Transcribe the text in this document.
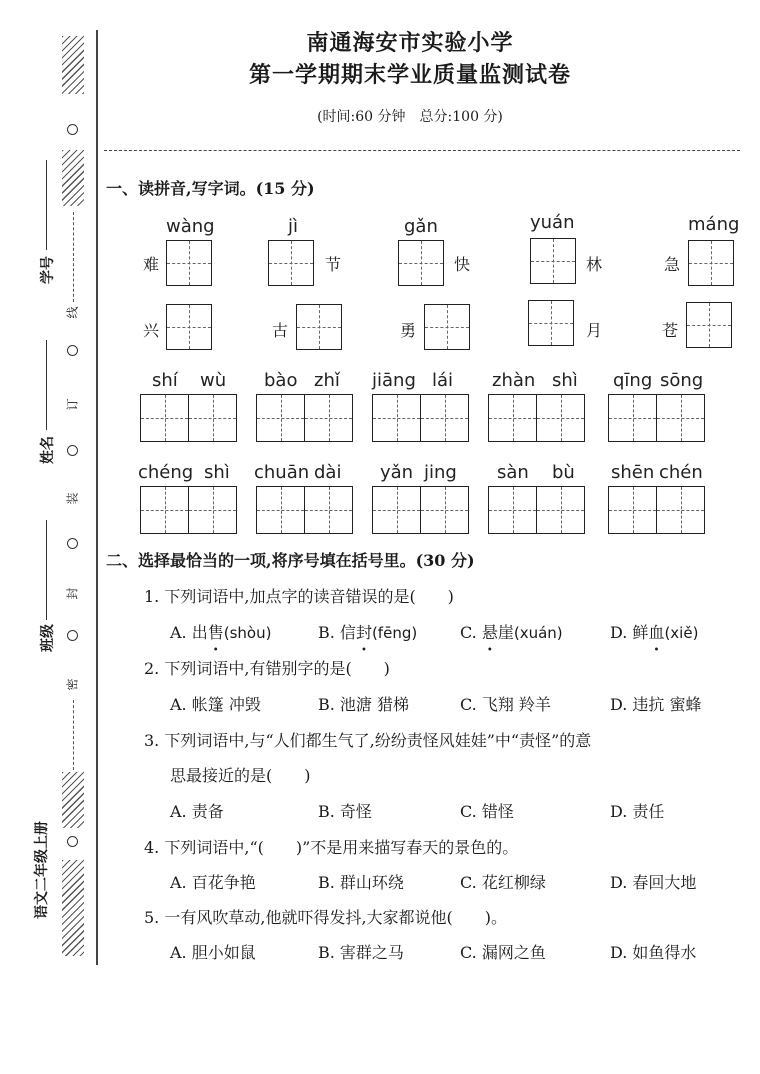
线
订
装
封
密
学号
姓名
班级
语文二年级上册
南通海安市实验小学
第一学期期末学业质量监测试卷
(时间:60 分钟　总分:100 分)
一、读拼音,写字词。(15 分)
wàng
难
jì
节
gǎn
快
yuán
林
máng
急
兴	古	勇	月	苍
shí wù bào zhǐ jiāng lái zhàn shì qīng sōng
chéng shì chuān dài yǎn jing sàn bù shēn chén
二、选择最恰当的一项,将序号填在括号里。(30 分)
1. 下列词语中,加点字的读音错误的是(　　)
A. 出售(shòu)	B. 信封(fēng)	C. 悬崖(xuán)	D. 鲜血(xiě)
2. 下列词语中,有错别字的是(　　)
A. 帐篷 冲毁	B. 池溏 猎梯	C. 飞翔 羚羊	D. 违抗 蜜蜂
3. 下列词语中,与“人们都生气了,纷纷责怪风娃娃”中“责怪”的意
思最接近的是(　　)
A. 责备	B. 奇怪	C. 错怪	D. 责任
4. 下列词语中,“(　　)”不是用来描写春天的景色的。
A. 百花争艳	B. 群山环绕	C. 花红柳绿	D. 春回大地
5. 一有风吹草动,他就吓得发抖,大家都说他(　　)。
A. 胆小如鼠	B. 害群之马	C. 漏网之鱼	D. 如鱼得水
